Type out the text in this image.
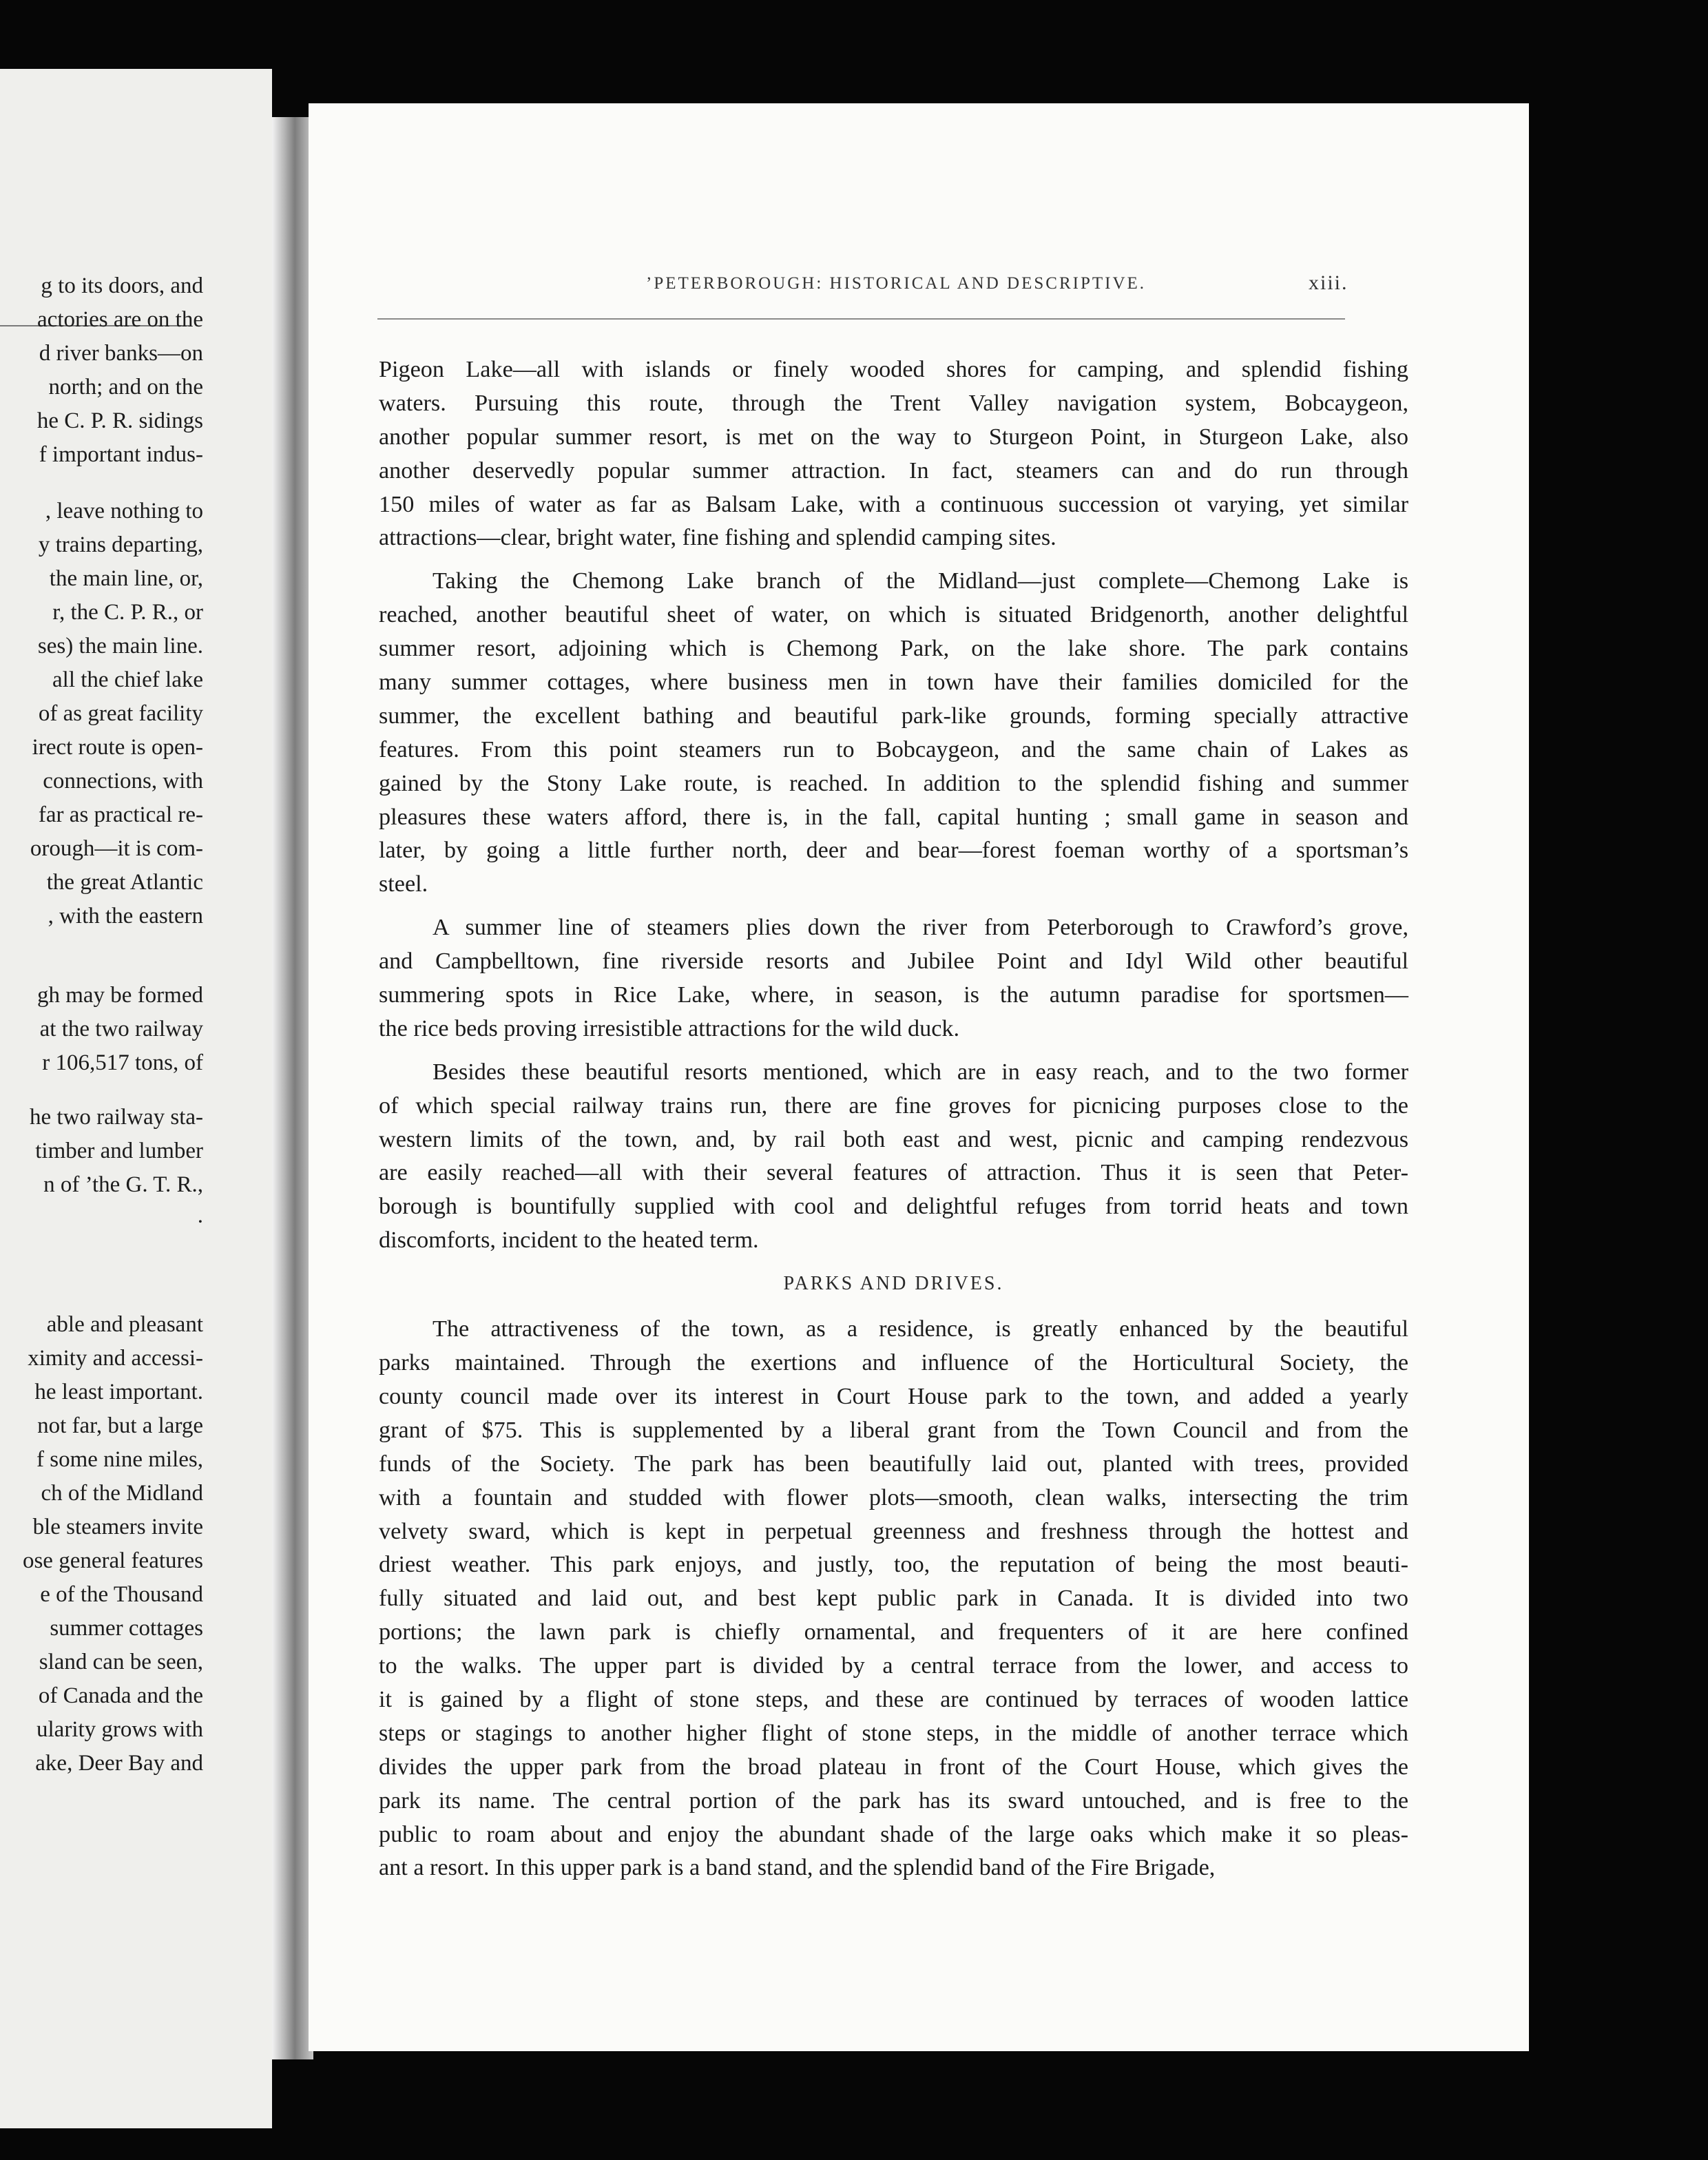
g to its doors, and
actories are on the
d river banks—on
north; and on the
he C. P. R. sidings
f important indus-
, leave nothing to
y trains departing,
the main line, or,
r, the C. P. R., or
ses) the main line.
all the chief lake
of as great facility
irect route is open-
connections, with
far as practical re-
orough—it is com-
the great Atlantic
, with the eastern
gh may be formed
at the two railway
r 106,517 tons, of
he two railway sta-
timber and lumber
n of ’the G. T. R.,
.
able and pleasant
ximity and accessi-
he least important.
not far, but a large
f some nine miles,
ch of the Midland
ble steamers invite
ose general features
e of the Thousand
summer cottages
sland can be seen,
of Canada and the
ularity grows with
ake, Deer Bay and
’PETERBOROUGH: HISTORICAL AND DESCRIPTIVE.	xiii.
Pigeon Lake—all with islands or finely wooded shores for camping, and splendid fishing
waters. Pursuing this route, through the Trent Valley navigation system, Bobcaygeon,
another popular summer resort, is met on the way to Sturgeon Point, in Sturgeon Lake, also
another deservedly popular summer attraction. In fact, steamers can and do run through
150 miles of water as far as Balsam Lake, with a continuous succession ot varying, yet similar
attractions—clear, bright water, fine fishing and splendid camping sites.
Taking the Chemong Lake branch of the Midland—just complete—Chemong Lake is
reached, another beautiful sheet of water, on which is situated Bridgenorth, another delightful
summer resort, adjoining which is Chemong Park, on the lake shore. The park contains
many summer cottages, where business men in town have their families domiciled for the
summer, the excellent bathing and beautiful park-like grounds, forming specially attractive
features. From this point steamers run to Bobcaygeon, and the same chain of Lakes as
gained by the Stony Lake route, is reached. In addition to the splendid fishing and summer
pleasures these waters afford, there is, in the fall, capital hunting ; small game in season and
later, by going a little further north, deer and bear—forest foeman worthy of a sportsman’s
steel.
A summer line of steamers plies down the river from Peterborough to Crawford’s grove,
and Campbelltown, fine riverside resorts and Jubilee Point and Idyl Wild other beautiful
summering spots in Rice Lake, where, in season, is the autumn paradise for sportsmen—
the rice beds proving irresistible attractions for the wild duck.
Besides these beautiful resorts mentioned, which are in easy reach, and to the two former
of which special railway trains run, there are fine groves for picnicing purposes close to the
western limits of the town, and, by rail both east and west, picnic and camping rendezvous
are easily reached—all with their several features of attraction. Thus it is seen that Peter-
borough is bountifully supplied with cool and delightful refuges from torrid heats and town
discomforts, incident to the heated term.
PARKS AND DRIVES.
The attractiveness of the town, as a residence, is greatly enhanced by the beautiful
parks maintained. Through the exertions and influence of the Horticultural Society, the
county council made over its interest in Court House park to the town, and added a yearly
grant of $75. This is supplemented by a liberal grant from the Town Council and from the
funds of the Society. The park has been beautifully laid out, planted with trees, provided
with a fountain and studded with flower plots—smooth, clean walks, intersecting the trim
velvety sward, which is kept in perpetual greenness and freshness through the hottest and
driest weather. This park enjoys, and justly, too, the reputation of being the most beauti-
fully situated and laid out, and best kept public park in Canada. It is divided into two
portions; the lawn park is chiefly ornamental, and frequenters of it are here confined
to the walks. The upper part is divided by a central terrace from the lower, and access to
it is gained by a flight of stone steps, and these are continued by terraces of wooden lattice
steps or stagings to another higher flight of stone steps, in the middle of another terrace which
divides the upper park from the broad plateau in front of the Court House, which gives the
park its name. The central portion of the park has its sward untouched, and is free to the
public to roam about and enjoy the abundant shade of the large oaks which make it so pleas-
ant a resort. In this upper park is a band stand, and the splendid band of the Fire Brigade,
